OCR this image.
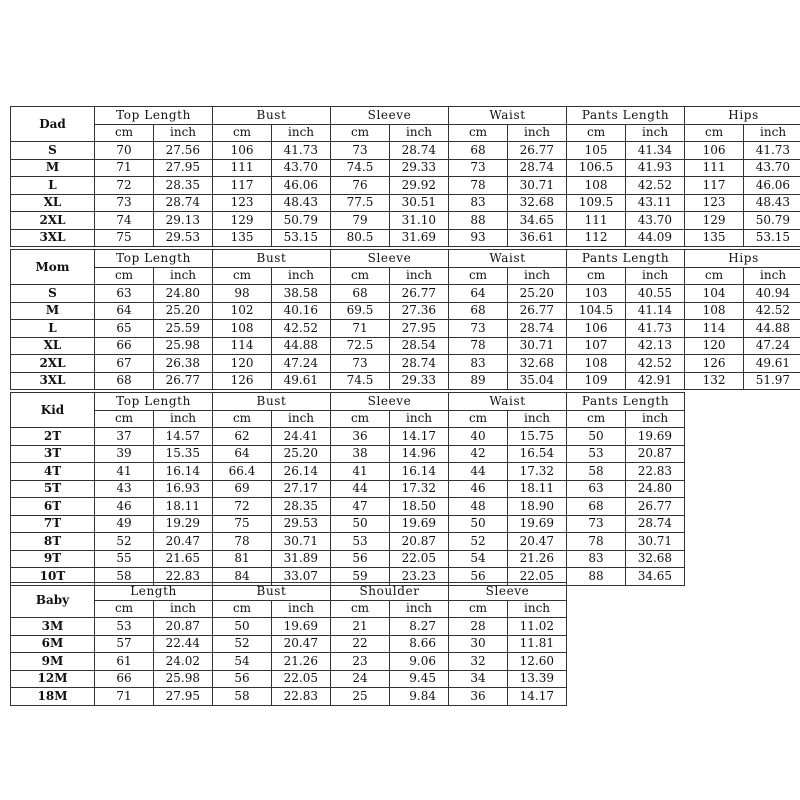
Dad	Top Length		Bust		Sleeve		Waist		Pants Length		Hips	
	cm	inch	cm	inch	cm	inch	cm	inch	cm	inch	cm	inch
S	70	27.56	106	41.73	73	28.74	68	26.77	105	41.34	106	41.73
M	71	27.95	111	43.70	74.5	29.33	73	28.74	106.5	41.93	111	43.70
L	72	28.35	117	46.06	76	29.92	78	30.71	108	42.52	117	46.06
XL	73	28.74	123	48.43	77.5	30.51	83	32.68	109.5	43.11	123	48.43
2XL	74	29.13	129	50.79	79	31.10	88	34.65	111	43.70	129	50.79
3XL	75	29.53	135	53.15	80.5	31.69	93	36.61	112	44.09	135	53.15
Mom	Top Length		Bust		Sleeve		Waist		Pants Length		Hips	
	cm	inch	cm	inch	cm	inch	cm	inch	cm	inch	cm	inch
S	63	24.80	98	38.58	68	26.77	64	25.20	103	40.55	104	40.94
M	64	25.20	102	40.16	69.5	27.36	68	26.77	104.5	41.14	108	42.52
L	65	25.59	108	42.52	71	27.95	73	28.74	106	41.73	114	44.88
XL	66	25.98	114	44.88	72.5	28.54	78	30.71	107	42.13	120	47.24
2XL	67	26.38	120	47.24	73	28.74	83	32.68	108	42.52	126	49.61
3XL	68	26.77	126	49.61	74.5	29.33	89	35.04	109	42.91	132	51.97
Kid	Top Length		Bust		Sleeve		Waist		Pants Length	
	cm	inch	cm	inch	cm	inch	cm	inch	cm	inch
2T	37	14.57	62	24.41	36	14.17	40	15.75	50	19.69
3T	39	15.35	64	25.20	38	14.96	42	16.54	53	20.87
4T	41	16.14	66.4	26.14	41	16.14	44	17.32	58	22.83
5T	43	16.93	69	27.17	44	17.32	46	18.11	63	24.80
6T	46	18.11	72	28.35	47	18.50	48	18.90	68	26.77
7T	49	19.29	75	29.53	50	19.69	50	19.69	73	28.74
8T	52	20.47	78	30.71	53	20.87	52	20.47	78	30.71
9T	55	21.65	81	31.89	56	22.05	54	21.26	83	32.68
10T	58	22.83	84	33.07	59	23.23	56	22.05	88	34.65
Baby	Length		Bust		Shoulder		Sleeve	
	cm	inch	cm	inch	cm	inch	cm	inch
3M	53	20.87	50	19.69	21	8.27	28	11.02
6M	57	22.44	52	20.47	22	8.66	30	11.81
9M	61	24.02	54	21.26	23	9.06	32	12.60
12M	66	25.98	56	22.05	24	9.45	34	13.39
18M	71	27.95	58	22.83	25	9.84	36	14.17
